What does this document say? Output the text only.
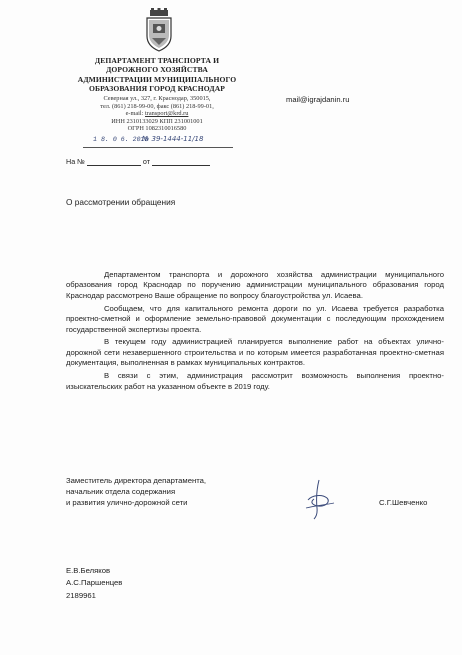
ДЕПАРТАМЕНТ ТРАНСПОРТА И
ДОРОЖНОГО ХОЗЯЙСТВА
АДМИНИСТРАЦИИ МУНИЦИПАЛЬНОГО
ОБРАЗОВАНИЯ ГОРОД КРАСНОДАР
Северная ул., 327, г. Краснодар, 350015,
тел. (861) 218-99-00, факс (861) 218-99-01,
e-mail: transport@krd.ru
ИНН 2310133029 КПП 231001001
ОГРН 1082310016580
1 8. 0 6. 2018
№ 39-1444-11/18
На №	от
mail@igrajdanin.ru
О рассмотрении обращения

Департаментом транспорта и дорожного хозяйства администрации муниципального образования город Краснодар по поручению администрации муниципального образования город Краснодар рассмотрено Ваше обращение по вопросу благоустройства ул. Исаева.

Сообщаем, что для капитального ремонта дороги по ул. Исаева требуется разработка проектно-сметной и оформление земельно-правовой документации с последующим прохождением государственной экспертизы проекта.

В текущем году администрацией планируется выполнение работ на объектах улично-дорожной сети незавершенного строительства и по которым имеется разработанная проектно-сметная документация, выполненная в рамках муниципальных контрактов.

В связи с этим, администрация рассмотрит возможность выполнения проектно-изыскательских работ на указанном объекте в 2019 году.

Заместитель директора департамента,
начальник отдела содержания
и развития улично-дорожной сети	С.Г.Шевченко
Е.В.Беляков
А.С.Паршенцев
2189961
